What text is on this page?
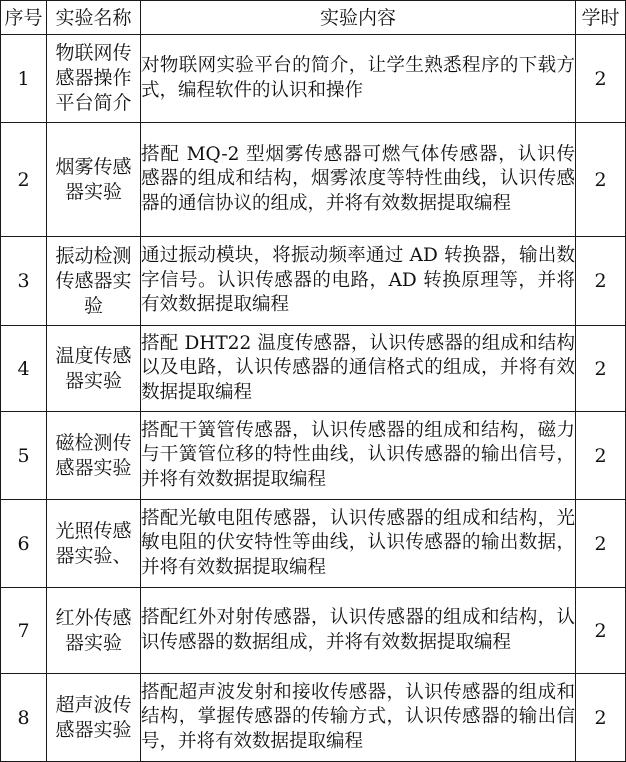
序号	实验名称	实验内容	学时
1	物联网传感器操作平台简介	对物联网实验平台的简介，让学生熟悉程序的下载方式，编程软件的认识和操作	2
2	烟雾传感器实验	搭配 MQ-2 型烟雾传感器可燃气体传感器，认识传感器的组成和结构，烟雾浓度等特性曲线，认识传感器的通信协议的组成，并将有效数据提取编程	2
3	振动检测传感器实验	通过振动模块，将振动频率通过 AD 转换器，输出数字信号。认识传感器的电路，AD 转换原理等，并将有效数据提取编程	2
4	温度传感器实验	搭配 DHT22 温度传感器，认识传感器的组成和结构以及电路，认识传感器的通信格式的组成，并将有效数据提取编程	2
5	磁检测传感器实验	搭配干簧管传感器，认识传感器的组成和结构，磁力与干簧管位移的特性曲线，认识传感器的输出信号，并将有效数据提取编程	2
6	光照传感器实验、	搭配光敏电阻传感器，认识传感器的组成和结构，光敏电阻的伏安特性等曲线，认识传感器的输出数据，并将有效数据提取编程	2
7	红外传感器实验	搭配红外对射传感器，认识传感器的组成和结构，认识传感器的数据组成，并将有效数据提取编程	2
8	超声波传感器实验	搭配超声波发射和接收传感器，认识传感器的组成和结构，掌握传感器的传输方式，认识传感器的输出信号，并将有效数据提取编程	2
